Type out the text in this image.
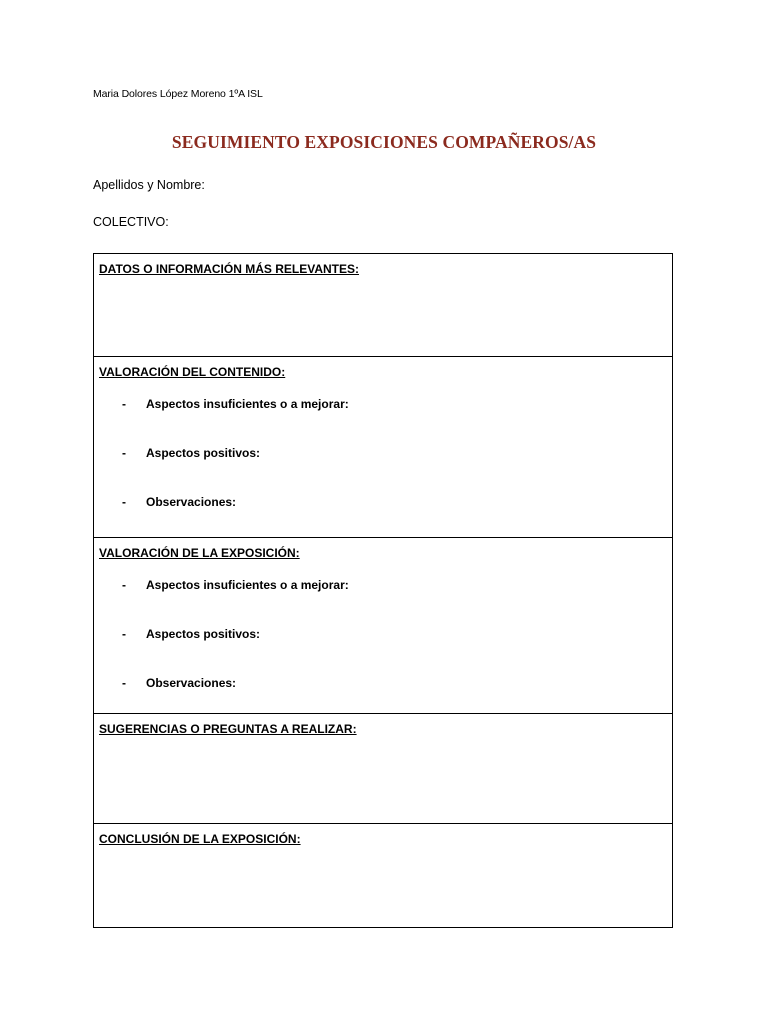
Maria Dolores López Moreno 1ºA ISL
SEGUIMIENTO EXPOSICIONES COMPAÑEROS/AS
Apellidos y Nombre:
COLECTIVO:
DATOS O INFORMACIÓN MÁS RELEVANTES:
VALORACIÓN DEL CONTENIDO:
- Aspectos insuficientes o a mejorar:
- Aspectos positivos:
- Observaciones:
VALORACIÓN DE LA EXPOSICIÓN:
- Aspectos insuficientes o a mejorar:
- Aspectos positivos:
- Observaciones:
SUGERENCIAS O PREGUNTAS A REALIZAR:
CONCLUSIÓN DE LA EXPOSICIÓN:
